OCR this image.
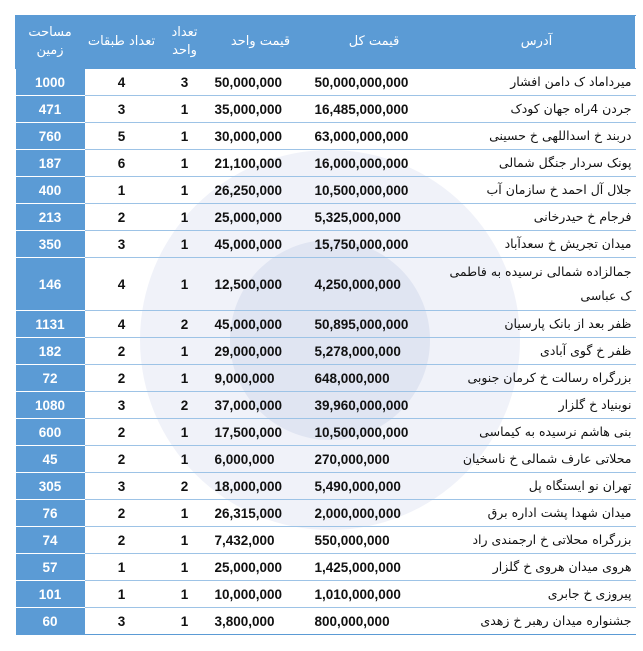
آدرس	قیمت کل	قیمت واحد	تعداد واحد	تعداد طبقات	مساحت زمین
میرداماد ک دامن افشار	50,000,000,000	50,000,000	3	4	1000
جردن 4راه جهان کودک	16,485,000,000	35,000,000	1	3	471
دربند خ اسداللهی خ حسینی	63,000,000,000	30,000,000	1	5	760
پونک سردار جنگل شمالی	16,000,000,000	21,100,000	1	6	187
جلال آل احمد خ سازمان آب	10,500,000,000	26,250,000	1	1	400
فرجام خ حیدرخانی	5,325,000,000	25,000,000	1	2	213
میدان تجریش خ سعدآباد	15,750,000,000	45,000,000	1	3	350
جمالزاده شمالی نرسیده به فاطمی ک عباسی	4,250,000,000	12,500,000	1	4	146
ظفر بعد از بانک پارسیان	50,895,000,000	45,000,000	2	4	1131
ظفر خ گوی آبادی	5,278,000,000	29,000,000	1	2	182
بزرگراه رسالت خ کرمان جنوبی	648,000,000	9,000,000	1	2	72
نوبنیاد خ گلزار	39,960,000,000	37,000,000	2	3	1080
بنی هاشم نرسیده به کیماسی	10,500,000,000	17,500,000	1	2	600
محلاتی عارف شمالی خ ناسخیان	270,000,000	6,000,000	1	2	45
تهران نو ایستگاه پل	5,490,000,000	18,000,000	2	3	305
میدان شهدا پشت اداره برق	2,000,000,000	26,315,000	1	2	76
بزرگراه محلاتی خ ارجمندی راد	550,000,000	7,432,000	1	2	74
هروی میدان هروی خ گلزار	1,425,000,000	25,000,000	1	1	57
پیروزی خ جابری	1,010,000,000	10,000,000	1	1	101
جشنواره میدان رهبر خ زهدی	800,000,000	3,800,000	1	3	60
